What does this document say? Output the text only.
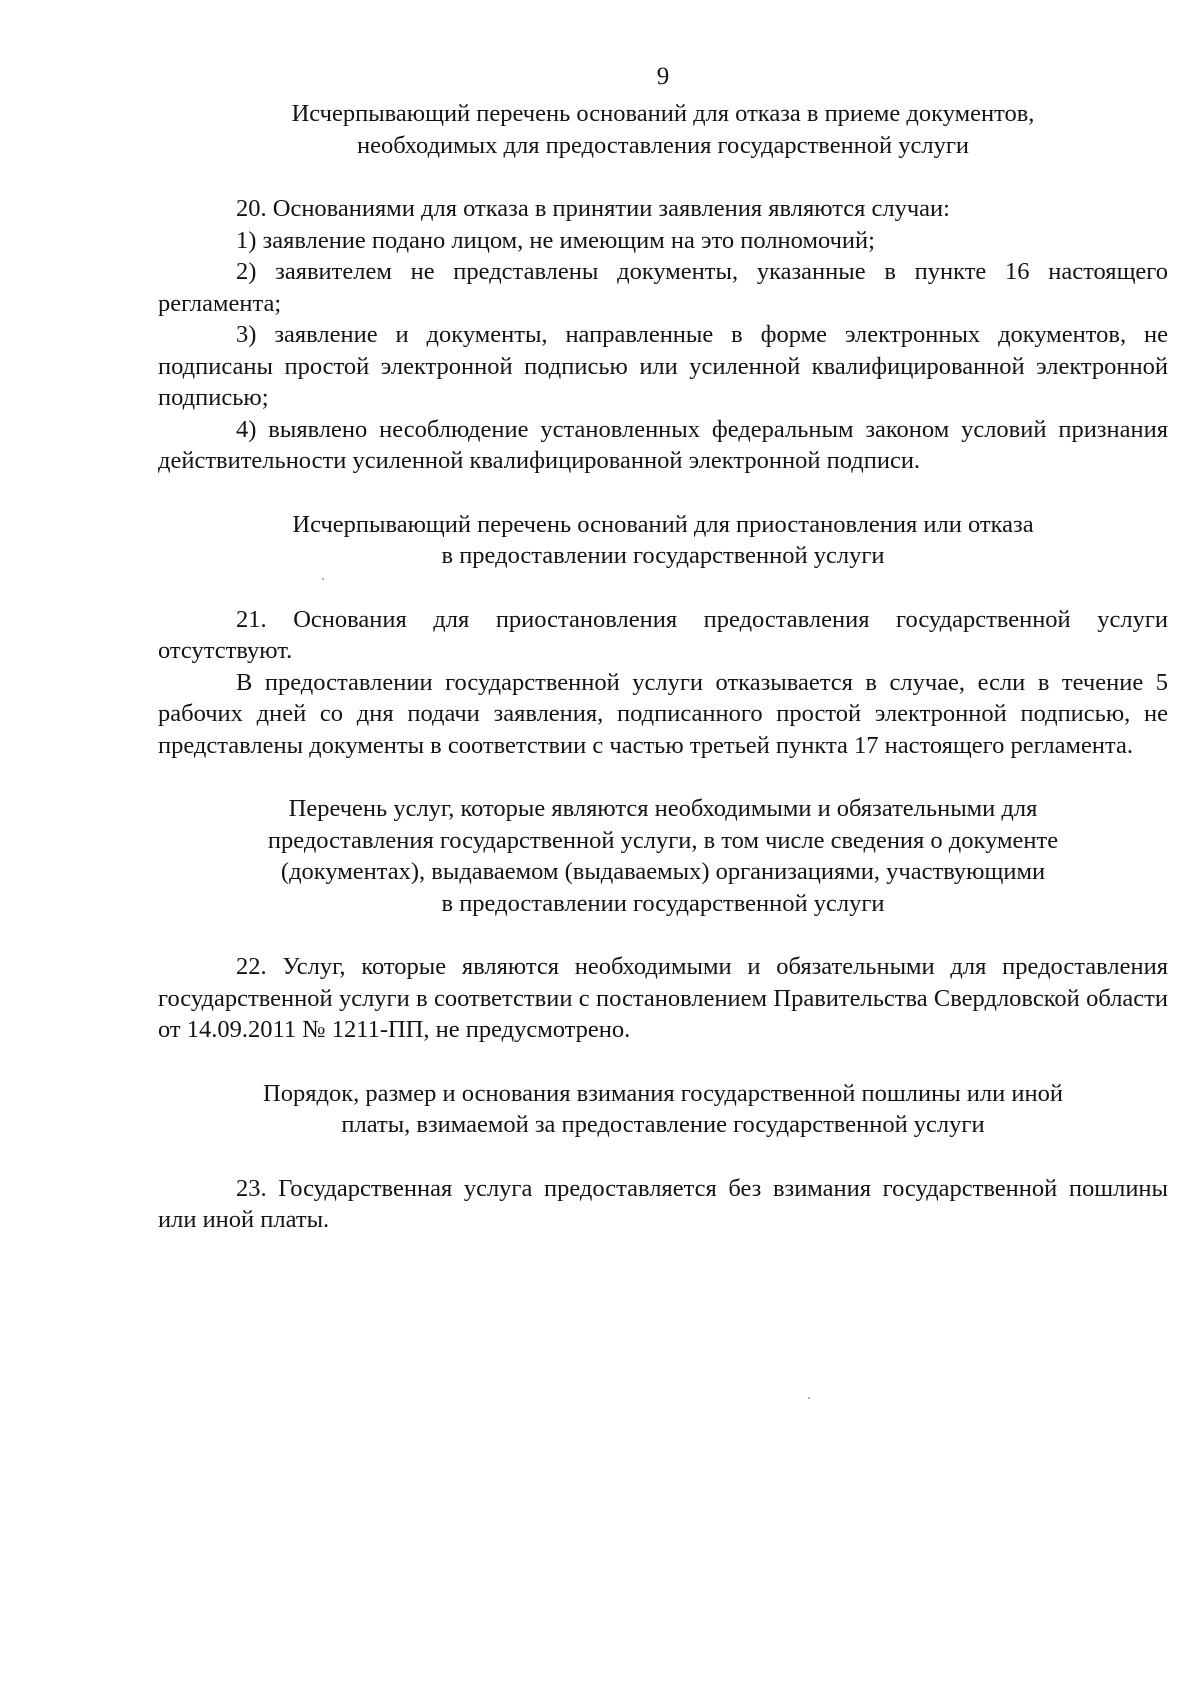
9
Исчерпывающий перечень оснований для отказа в приеме документов,
необходимых для предоставления государственной услуги

20. Основаниями для отказа в принятии заявления являются случаи:

1) заявление подано лицом, не имеющим на это полномочий;

2) заявителем не представлены документы, указанные в пункте 16 настоящего регламента;

3) заявление и документы, направленные в форме электронных документов, не подписаны простой электронной подписью или усиленной квалифицированной электронной подписью;

4) выявлено несоблюдение установленных федеральным законом условий признания действительности усиленной квалифицированной электронной подписи.

Исчерпывающий перечень оснований для приостановления или отказа
в предоставлении государственной услуги

21. Основания для приостановления предоставления государственной услуги отсутствуют.

В предоставлении государственной услуги отказывается в случае, если в течение 5 рабочих дней со дня подачи заявления, подписанного простой электронной подписью, не представлены документы в соответствии с частью третьей пункта 17 настоящего регламента.

Перечень услуг, которые являются необходимыми и обязательными для
предоставления государственной услуги, в том числе сведения о документе
(документах), выдаваемом (выдаваемых) организациями, участвующими
в предоставлении государственной услуги

22. Услуг, которые являются необходимыми и обязательными для предоставления государственной услуги в соответствии с постановлением Правительства Свердловской области от 14.09.2011 № 1211-ПП, не предусмотрено.

Порядок, размер и основания взимания государственной пошлины или иной
платы, взимаемой за предоставление государственной услуги

23. Государственная услуга предоставляется без взимания государственной пошлины или иной платы.
